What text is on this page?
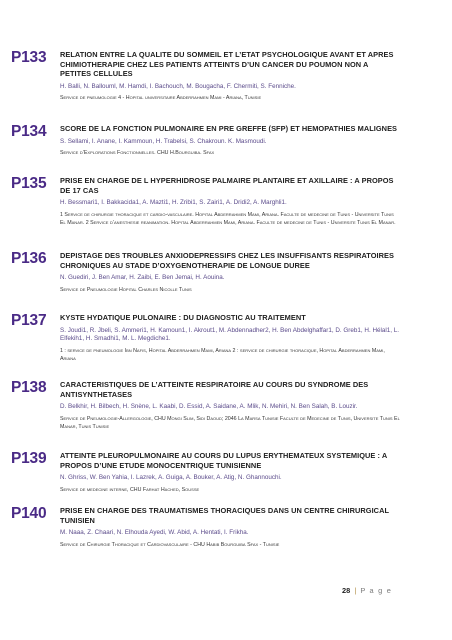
P133 RELATION ENTRE LA QUALITE DU SOMMEIL ET L’ETAT PSYCHOLOGIQUE AVANT ET APRES CHIMIOTHERAPIE CHEZ LES PATIENTS ATTEINTS D’UN CANCER DU POUMON NON A PETITES CELLULES
H. Balli, N. Ballouml, M. Hamdi, I. Bachouch, M. Bougacha, F. Chermiti, S. Fenniche.
Service de pneumologie 4 - Hopital universitaire Abderrahmen Mami - Ariana, Tunisie
P134 SCORE DE LA FONCTION PULMONAIRE EN PRE GREFFE (SFP) ET HEMOPATHIES MALIGNES
S. Sellami, I. Anane, I. Kammoun, H. Trabelsi, S. Chakroun. K. Masmoudi.
Service d’Explorations Fonctionnelles. CHU H.Bourguiba. Sfax
P135 PRISE EN CHARGE DE L HYPERHIDROSE PALMAIRE PLANTAIRE ET AXILLAIRE : A PROPOS DE 17 CAS
H. Bessmari1, I. Bakkacida1, A. Mazti1, H. Zribi1, S. Zairi1, A. Dridi2, A. Marghli1.
1 Service de chirurgie thoracique et cardio-vasculaire. Hopital Abderrahmen Mami, Ariana. Faculte de medecine de Tunis - Universite Tunis El Manar. 2 Service d’anesthesie reanimation. Hopital Abderrahmen Mami, Ariana. Faculte de medecine de Tunis - Universite Tunis El Manar.
P136 DEPISTAGE DES TROUBLES ANXIODEPRESSIFS CHEZ LES INSUFFISANTS RESPIRATOIRES CHRONIQUES AU STADE D’OXYGENOTHERAPIE DE LONGUE DUREE
N. Guediri, J. Ben Amar, H. Zaibi, E. Ben Jemai, H. Aouina.
Service de Pneumologie Hopital Charles Nicolle Tunis
P137 KYSTE HYDATIQUE PULONAIRE : DU DIAGNOSTIC AU TRAITEMENT
S. Joudi1, R. Jbeli, S. Ammeri1, H. Kamoun1, I. Akrout1, M. Abdennadher2, H. Ben Abdelghaffar1, D. Greb1, H. Hélal1, L. Elfekih1, H. Smadhi1, M. L. Megdiche1.
1 : service de pneumologie Ibn Nafis, Hopital Abderrahmen Mami, Ariana 2 : service de chirurgie thoracique, Hopital Abderrahmen Mami, Ariana
P138 CARACTERISTIQUES DE L’ATTEINTE RESPIRATOIRE AU COURS DU SYNDROME DES ANTISYNTHETASES
D. Belkhir, H. Bilbech, H. Snène, L. Kaabi, D. Essid, A. Saidane, A. Mlik, N. Mehiri, N. Ben Salah, B. Louzir.
Service de Pneumologie-Allergologie, CHU Mongi Slim, Sidi Daoud; 2046 La Marsa Tunisie Faculte de Medecine de Tunis, Universite Tunis El Manar, Tunis Tunisie
P139 ATTEINTE PLEUROPULMONAIRE AU COURS DU LUPUS ERYTHEMATEUX SYSTEMIQUE : A PROPOS D’UNE ETUDE MONOCENTRIQUE TUNISIENNE
N. Ghriss, W. Ben Yahia, I. Lazrek, A. Guiga, A. Bouker, A. Atig, N. Ghannouchi.
Service de medecine interne, CHU Farhat Hached, Sousse
P140 PRISE EN CHARGE DES TRAUMATISMES THORACIQUES DANS UN CENTRE CHIRURGICAL TUNISIEN
M. Naaa, Z. Chaari, N. Elhouda Ayedi, W. Abid, A. Hentati, I. Frikha.
Service de Chirurgie Thoracique et Cardiovasculaire - CHU Habib Bourguiba Sfax - Tunisie
28 | P a g e
